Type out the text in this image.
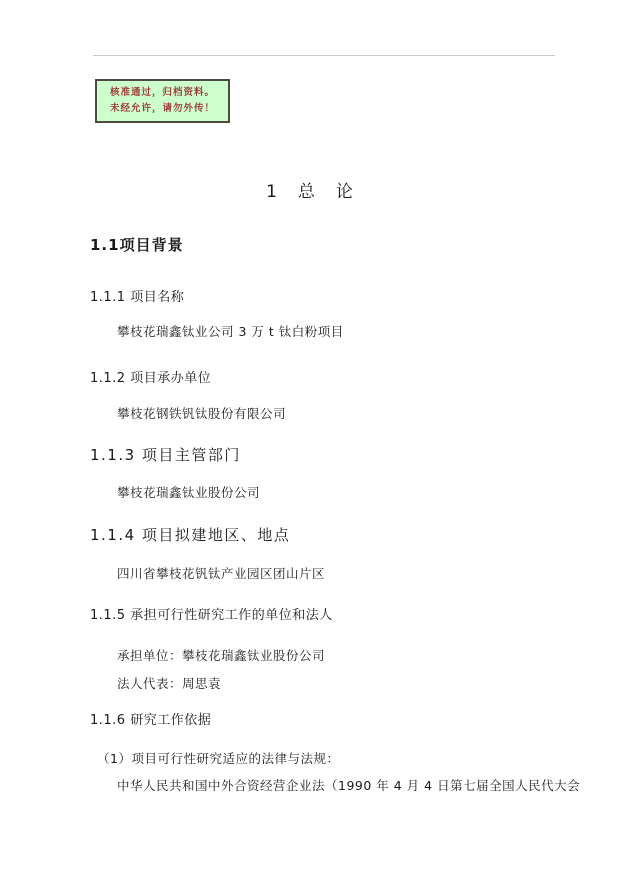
核准通过，归档资料。
未经允许，请勿外传！
1　总　论
1.1项目背景
1.1.1 项目名称
攀枝花瑞鑫钛业公司 3 万 t 钛白粉项目
1.1.2 项目承办单位
攀枝花钢铁钒钛股份有限公司
1.1.3 项目主管部门
攀枝花瑞鑫钛业股份公司
1.1.4 项目拟建地区、地点
四川省攀枝花钒钛产业园区团山片区
1.1.5 承担可行性研究工作的单位和法人
承担单位：攀枝花瑞鑫钛业股份公司
法人代表：周思袁
1.1.6 研究工作依据
（1）项目可行性研究适应的法律与法规：
中华人民共和国中外合资经营企业法（1990 年 4 月 4 日第七届全国人民代大会
